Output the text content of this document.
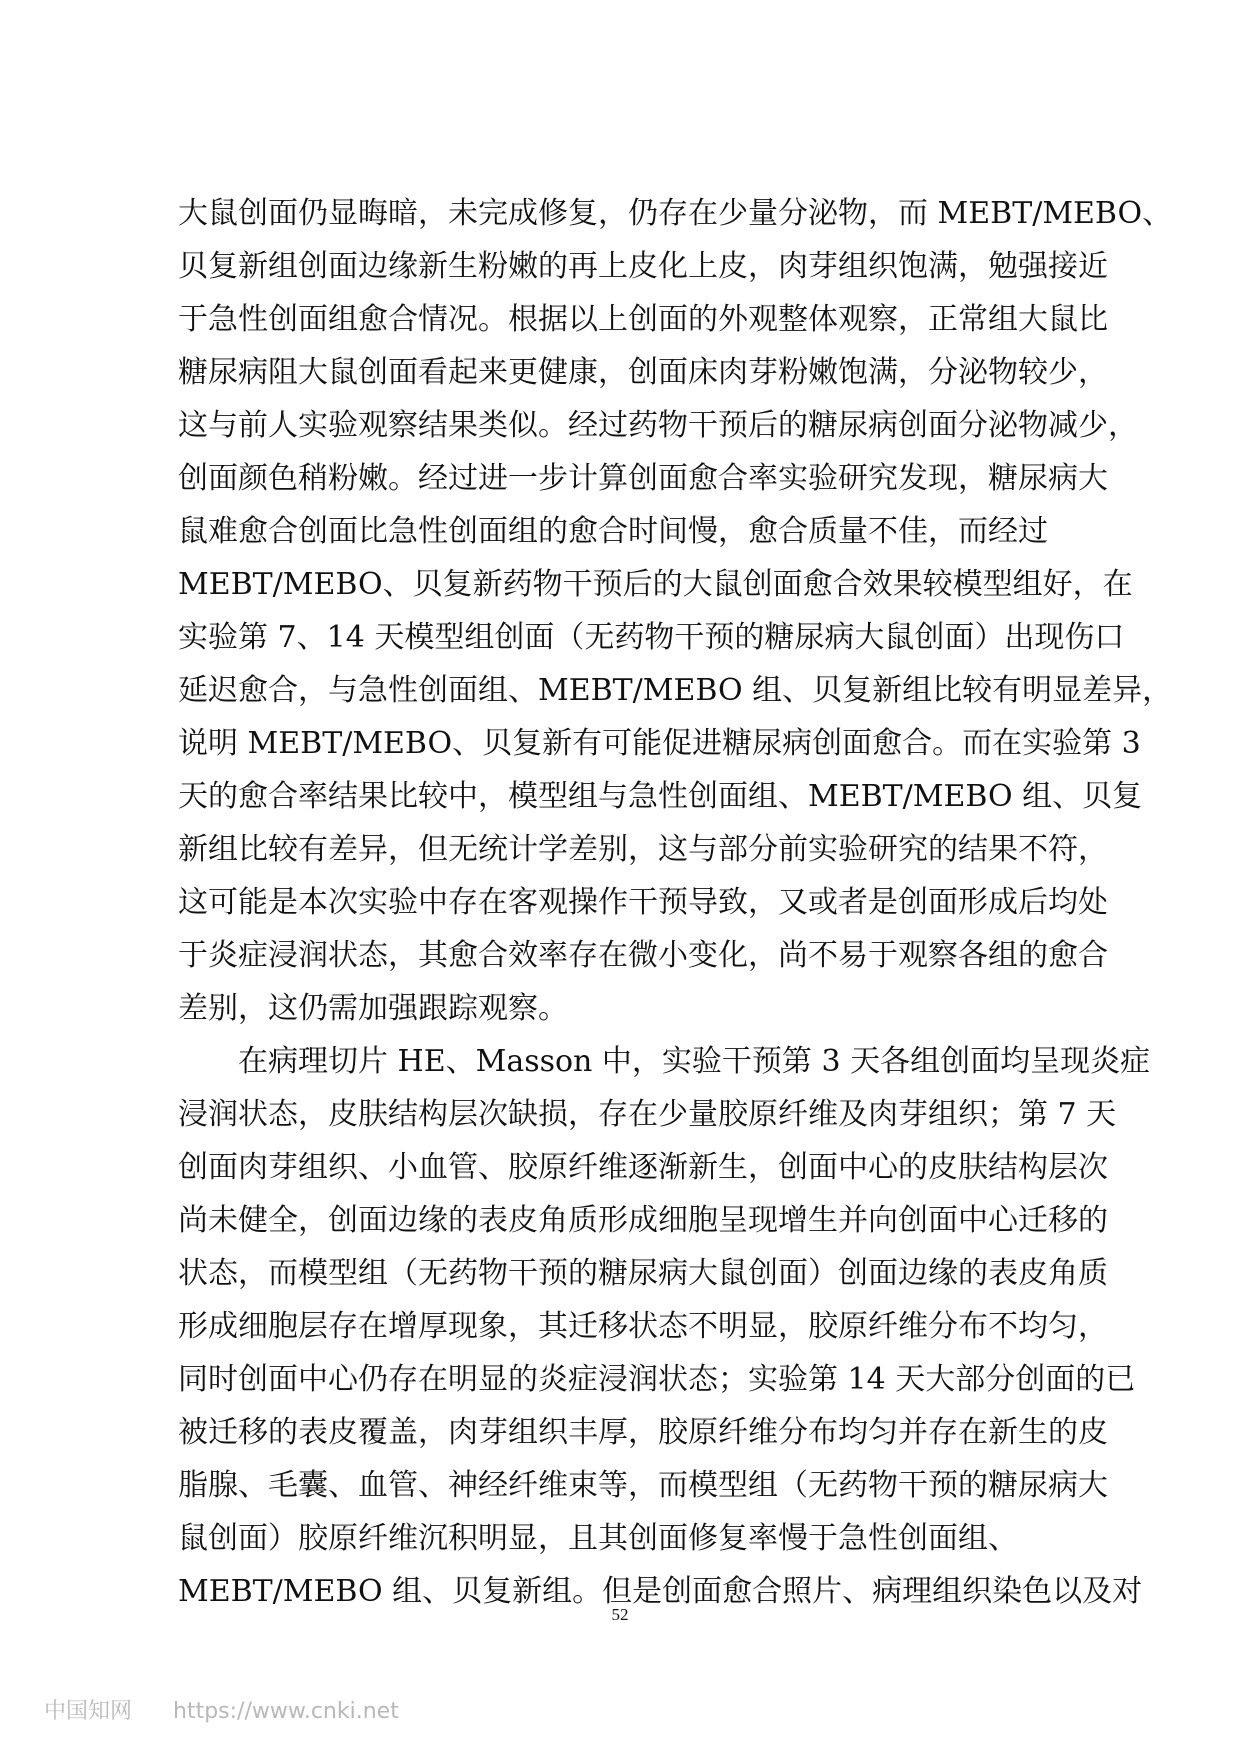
大鼠创面仍显晦暗，未完成修复，仍存在少量分泌物，而 MEBT/MEBO、
贝复新组创面边缘新生粉嫩的再上皮化上皮，肉芽组织饱满，勉强接近
于急性创面组愈合情况。根据以上创面的外观整体观察，正常组大鼠比
糖尿病阻大鼠创面看起来更健康，创面床肉芽粉嫩饱满，分泌物较少，
这与前人实验观察结果类似。经过药物干预后的糖尿病创面分泌物减少，
创面颜色稍粉嫩。经过进一步计算创面愈合率实验研究发现，糖尿病大
鼠难愈合创面比急性创面组的愈合时间慢，愈合质量不佳，而经过
MEBT/MEBO、贝复新药物干预后的大鼠创面愈合效果较模型组好，在
实验第 7、14 天模型组创面（无药物干预的糖尿病大鼠创面）出现伤口
延迟愈合，与急性创面组、MEBT/MEBO 组、贝复新组比较有明显差异，
说明 MEBT/MEBO、贝复新有可能促进糖尿病创面愈合。而在实验第 3
天的愈合率结果比较中，模型组与急性创面组、MEBT/MEBO 组、贝复
新组比较有差异，但无统计学差别，这与部分前实验研究的结果不符，
这可能是本次实验中存在客观操作干预导致，又或者是创面形成后均处
于炎症浸润状态，其愈合效率存在微小变化，尚不易于观察各组的愈合
差别，这仍需加强跟踪观察。
在病理切片 HE、Masson 中，实验干预第 3 天各组创面均呈现炎症
浸润状态，皮肤结构层次缺损，存在少量胶原纤维及肉芽组织；第 7 天
创面肉芽组织、小血管、胶原纤维逐渐新生，创面中心的皮肤结构层次
尚未健全，创面边缘的表皮角质形成细胞呈现增生并向创面中心迁移的
状态，而模型组（无药物干预的糖尿病大鼠创面）创面边缘的表皮角质
形成细胞层存在增厚现象，其迁移状态不明显，胶原纤维分布不均匀，
同时创面中心仍存在明显的炎症浸润状态；实验第 14 天大部分创面的已
被迁移的表皮覆盖，肉芽组织丰厚，胶原纤维分布均匀并存在新生的皮
脂腺、毛囊、血管、神经纤维束等，而模型组（无药物干预的糖尿病大
鼠创面）胶原纤维沉积明显，且其创面修复率慢于急性创面组、
MEBT/MEBO 组、贝复新组。但是创面愈合照片、病理组织染色以及对
52
中国知网 https://www.cnki.net
